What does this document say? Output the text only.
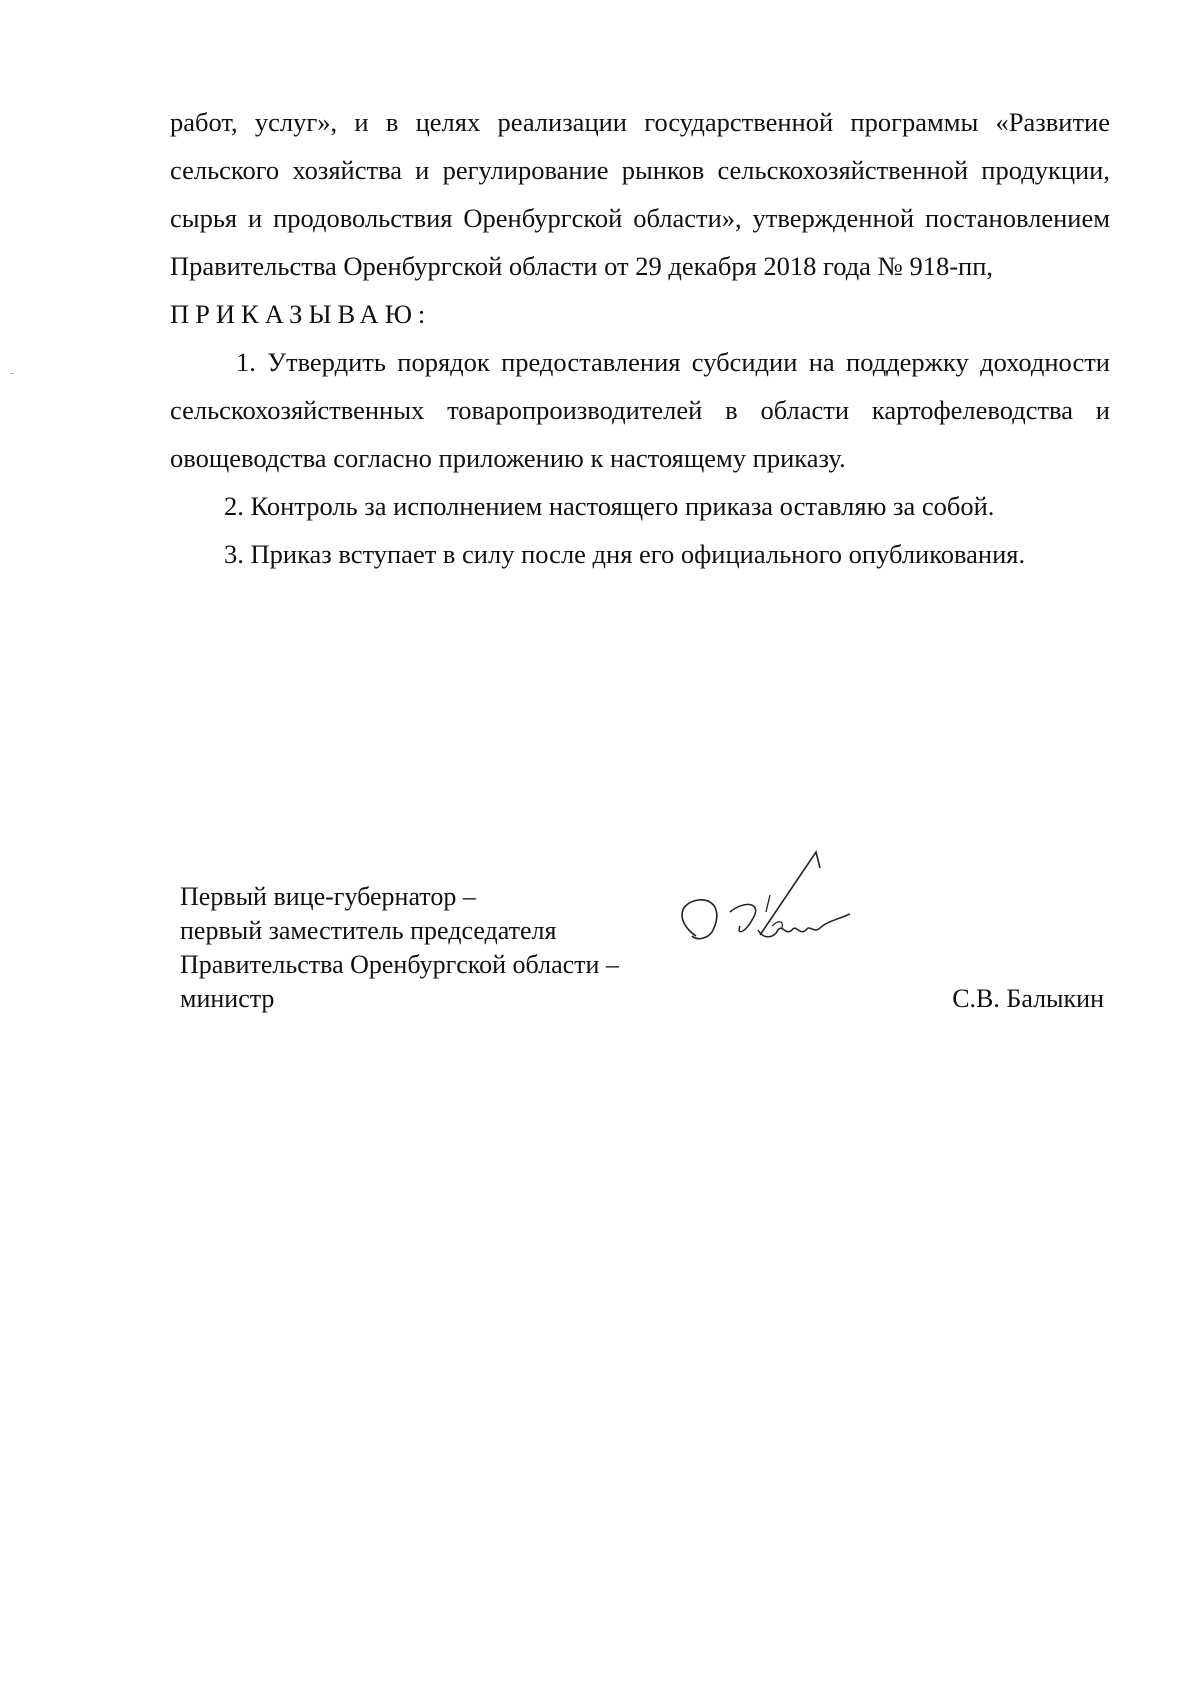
работ, услуг», и в целях реализации государственной программы «Развитие сельского хозяйства и регулирование рынков сельскохозяйственной продукции, сырья и продовольствия Оренбургской области», утвержденной постановлением Правительства Оренбургской области от 29 декабря 2018 года № 918-пп,

ПРИКАЗЫВАЮ:

1. Утвердить порядок предоставления субсидии на поддержку доходности сельскохозяйственных товаропроизводителей в области картофелеводства и овощеводства согласно приложению к настоящему приказу.

2. Контроль за исполнением настоящего приказа оставляю за собой.

3. Приказ вступает в силу после дня его официального опубликования.

Первый вице-губернатор –
первый заместитель председателя
Правительства Оренбургской области –
министр	С.В. Балыкин
